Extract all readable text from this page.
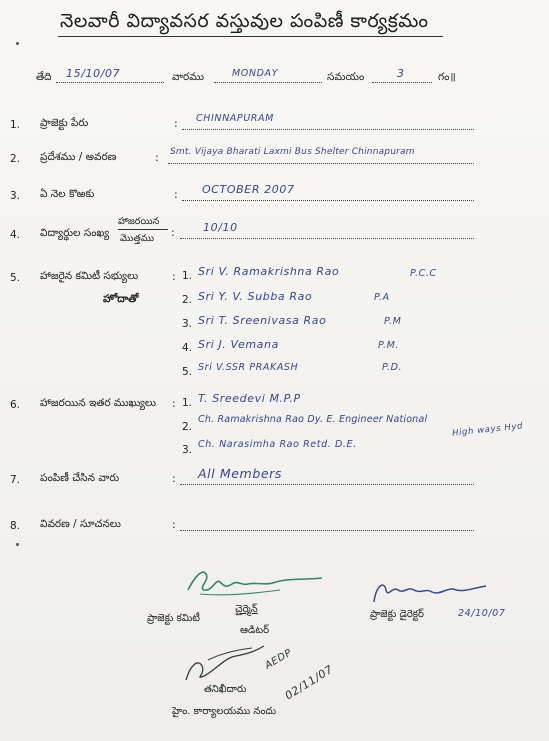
నెలవారీ విద్యావసర వస్తువుల పంపిణీ కార్యక్రమం
తేది 15/10/07	వారము	MONDAY	సమయం	3	గం॥
1. ప్రాజెక్టు పేరు	: CHINNAPURAM
2. ప్రదేశము / అవరణ	: Smt. Vijaya Bharati Laxmi Bus Shelter Chinnapuram
3. ఏ నెల కొఱకు	: OCTOBER 2007
4. విద్యార్థుల సంఖ్య
హాజరయిన
మొత్తము :	10/10
5. హాజరైన కమిటీ సభ్యులు	:
హోదాతో
1. Sri V. Ramakrishna Rao	P.C.C
2. Sri Y. V. Subba Rao	P.A
3. Sri T. Sreenivasa Rao	P.M
4. Sri J. Vemana	P.M.
5. Sri V.SSR PRAKASH	P.D.
6. హాజరయిన ఇతర ముఖ్యులు : 1. T. Sreedevi M.P.P
2.
Ch. Ramakrishna Rao Dy. E. Engineer National
High ways Hyd
3. Ch. Narasimha Rao Retd. D.E.
7. పంపిణీ చేసిన వారు	: All Members
8. వివరణ / సూచనలు	:
చైర్మెన్
ప్రాజెక్టు కమిటీ
ఆడిటర్
ప్రాజెక్టు డైరెక్టర్	24/10/07
AEDP
02/11/07
తనిఖీదారు
హైం. కార్యాలయము నందు
